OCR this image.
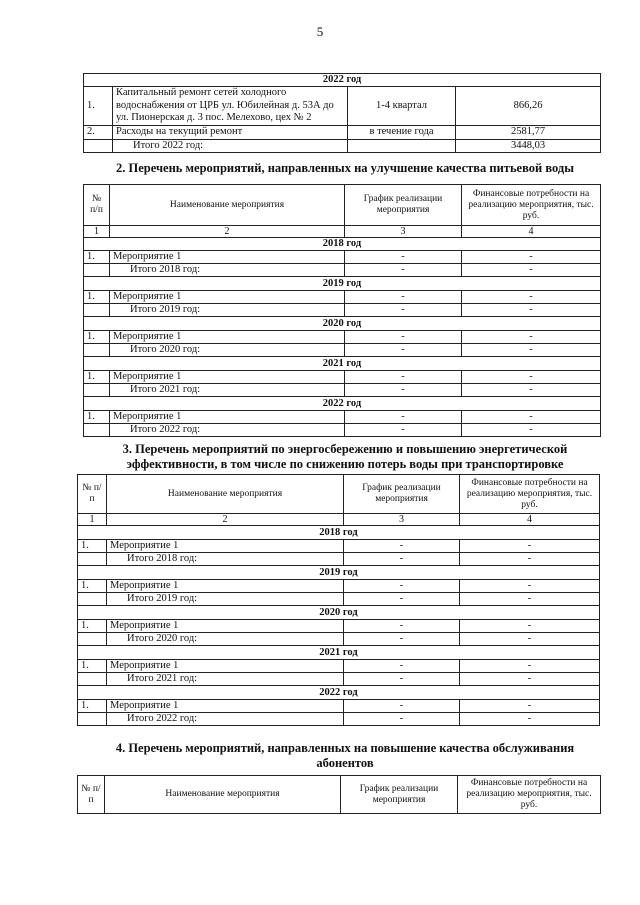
5
2022 год			
1.	Капитальный ремонт сетей холодного водоснабжения от ЦРБ ул. Юбилейная д. 53А до ул. Пионерская д. 3 пос. Мелехово, цех № 2	1-4 квартал	866,26
2.	Расходы на текущий ремонт	в течение года	2581,77
	Итого 2022 год:		3448,03
2. Перечень мероприятий, направленных на улучшение качества питьевой воды
№ п/п	Наименование мероприятия	График реализации мероприятия	Финансовые потребности на реализацию мероприятия, тыс. руб.
1	2	3	4
2018 год			
1.	Мероприятие 1	-	-
	Итого 2018 год:	-	-
2019 год			
1.	Мероприятие 1	-	-
	Итого 2019 год:	-	-
2020 год			
1.	Мероприятие 1	-	-
	Итого 2020 год:	-	-
2021 год			
1.	Мероприятие 1	-	-
	Итого 2021 год:	-	-
2022 год			
1.	Мероприятие 1	-	-
	Итого 2022 год:	-	-
3. Перечень мероприятий по энергосбережению и повышению энергетической
эффективности, в том числе по снижению потерь воды при транспортировке
№ п/п	Наименование мероприятия	График реализации мероприятия	Финансовые потребности на реализацию мероприятия, тыс. руб.
1	2	3	4
2018 год			
1.	Мероприятие 1	-	-
	Итого 2018 год:	-	-
2019 год			
1.	Мероприятие 1	-	-
	Итого 2019 год:	-	-
2020 год			
1.	Мероприятие 1	-	-
	Итого 2020 год:	-	-
2021 год			
1.	Мероприятие 1	-	-
	Итого 2021 год:	-	-
2022 год			
1.	Мероприятие 1	-	-
	Итого 2022 год:	-	-
4. Перечень мероприятий, направленных на повышение качества обслуживания
абонентов
№ п/п	Наименование мероприятия	График реализации мероприятия	Финансовые потребности на реализацию мероприятия, тыс. руб.
